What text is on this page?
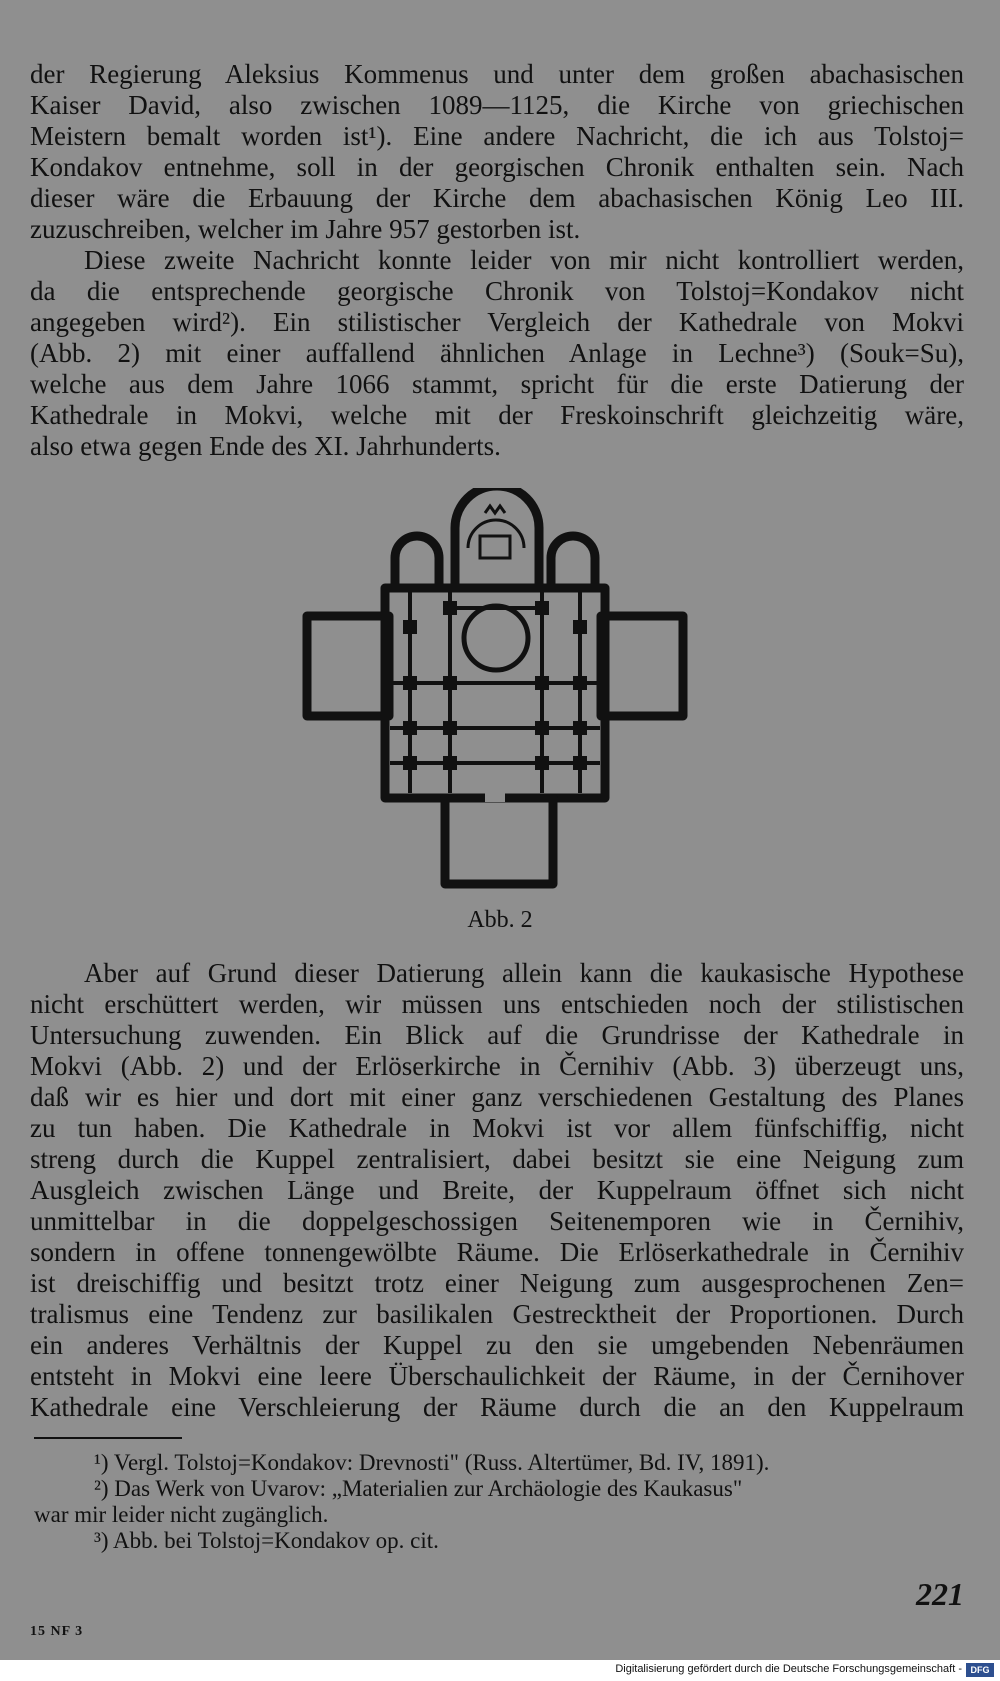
der Regierung Aleksius Kommenus und unter dem großen abachasischen
Kaiser David, also zwischen 1089—1125, die Kirche von griechischen
Meistern bemalt worden ist¹). Eine andere Nachricht, die ich aus Tolstoj=
Kondakov entnehme, soll in der georgischen Chronik enthalten sein. Nach
dieser wäre die Erbauung der Kirche dem abachasischen König Leo III.
zuzuschreiben, welcher im Jahre 957 gestorben ist.
Diese zweite Nachricht konnte leider von mir nicht kontrolliert werden,
da die entsprechende georgische Chronik von Tolstoj=Kondakov nicht
angegeben wird²). Ein stilistischer Vergleich der Kathedrale von Mokvi
(Abb. 2) mit einer auffallend ähnlichen Anlage in Lechne³) (Souk=Su),
welche aus dem Jahre 1066 stammt, spricht für die erste Datierung der
Kathedrale in Mokvi, welche mit der Freskoinschrift gleichzeitig wäre,
also etwa gegen Ende des XI. Jahrhunderts.
Abb. 2
Aber auf Grund dieser Datierung allein kann die kaukasische Hypothese
nicht erschüttert werden, wir müssen uns entschieden noch der stilistischen
Untersuchung zuwenden. Ein Blick auf die Grundrisse der Kathedrale in
Mokvi (Abb. 2) und der Erlöserkirche in Černihiv (Abb. 3) überzeugt uns,
daß wir es hier und dort mit einer ganz verschiedenen Gestaltung des Planes
zu tun haben. Die Kathedrale in Mokvi ist vor allem fünfschiffig, nicht
streng durch die Kuppel zentralisiert, dabei besitzt sie eine Neigung zum
Ausgleich zwischen Länge und Breite, der Kuppelraum öffnet sich nicht
unmittelbar in die doppelgeschossigen Seitenemporen wie in Černihiv,
sondern in offene tonnengewölbte Räume. Die Erlöserkathedrale in Černihiv
ist dreischiffig und besitzt trotz einer Neigung zum ausgesprochenen Zen=
tralismus eine Tendenz zur basilikalen Gestrecktheit der Proportionen. Durch
ein anderes Verhältnis der Kuppel zu den sie umgebenden Nebenräumen
entsteht in Mokvi eine leere Überschaulichkeit der Räume, in der Černihover
Kathedrale eine Verschleierung der Räume durch die an den Kuppelraum
¹) Vergl. Tolstoj=Kondakov: Drevnosti" (Russ. Altertümer, Bd. IV, 1891).
²) Das Werk von Uvarov: „Materialien zur Archäologie des Kaukasus"
war mir leider nicht zugänglich.
³) Abb. bei Tolstoj=Kondakov op. cit.
221
15 NF 3
Digitalisierung gefördert durch die Deutsche Forschungsgemeinschaft - DFG
